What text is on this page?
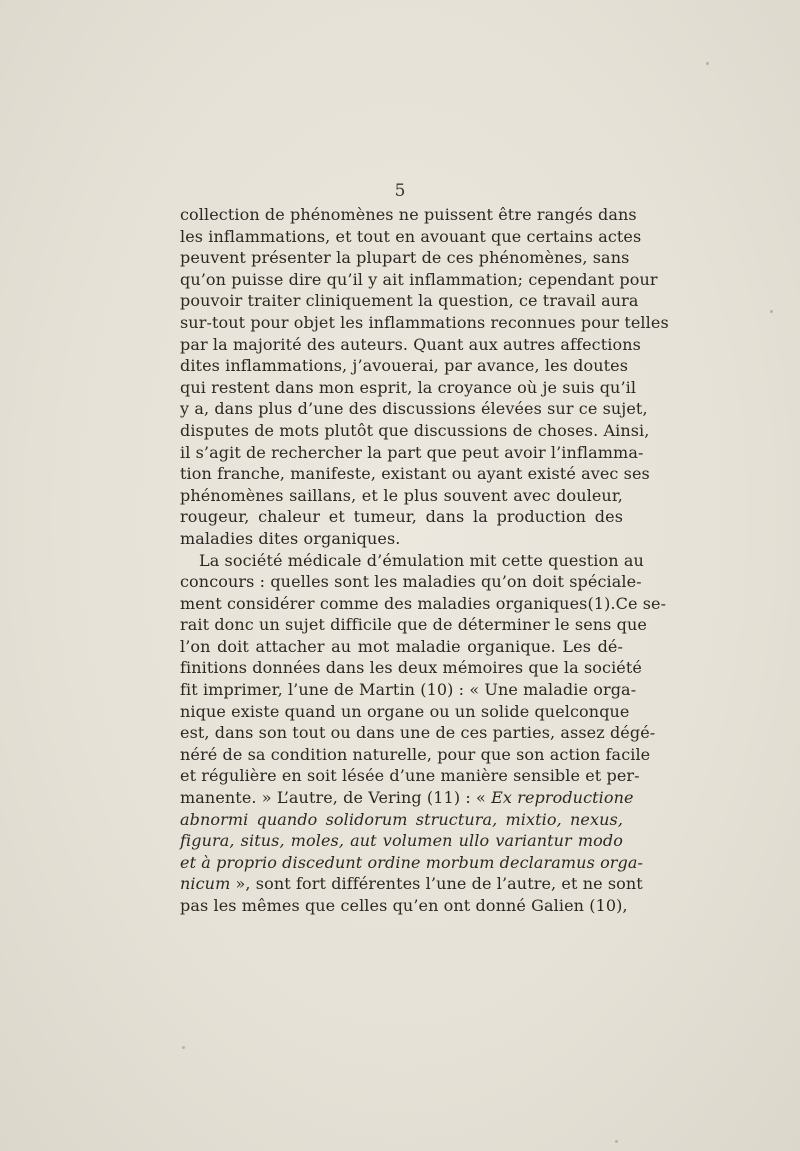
5
collection de phénomènes ne puissent être rangés dans
les inflammations, et tout en avouant que certains actes
peuvent présenter la plupart de ces phénomènes, sans
qu’on puisse dire qu’il y ait inflammation; cependant pour
pouvoir traiter cliniquement la question, ce travail aura
sur-tout pour objet les inflammations reconnues pour telles
par la majorité des auteurs. Quant aux autres affections
dites inflammations, j’avouerai, par avance, les doutes
qui restent dans mon esprit, la croyance où je suis qu’il
y a, dans plus d’une des discussions élevées sur ce sujet,
disputes de mots plutôt que discussions de choses. Ainsi,
il s’agit de rechercher la part que peut avoir l’inflamma-
tion franche, manifeste, existant ou ayant existé avec ses
phénomènes saillans, et le plus souvent avec douleur,
rougeur, chaleur et tumeur, dans la production des
maladies dites organiques.
La société médicale d’émulation mit cette question au
concours : quelles sont les maladies qu’on doit spéciale-
ment considérer comme des maladies organiques(1).Ce se-
rait donc un sujet difficile que de déterminer le sens que
l’on doit attacher au mot maladie organique. Les dé-
finitions données dans les deux mémoires que la société
fit imprimer, l’une de Martin (10) : « Une maladie orga-
nique existe quand un organe ou un solide quelconque
est, dans son tout ou dans une de ces parties, assez dégé-
néré de sa condition naturelle, pour que son action facile
et régulière en soit lésée d’une manière sensible et per-
manente. » L’autre, de Vering (11) : « Ex reproductione
abnormi quando solidorum structura, mixtio, nexus,
figura, situs, moles, aut volumen ullo variantur modo
et à proprio discedunt ordine morbum declaramus orga-
nicum », sont fort différentes l’une de l’autre, et ne sont
pas les mêmes que celles qu’en ont donné Galien (10),
